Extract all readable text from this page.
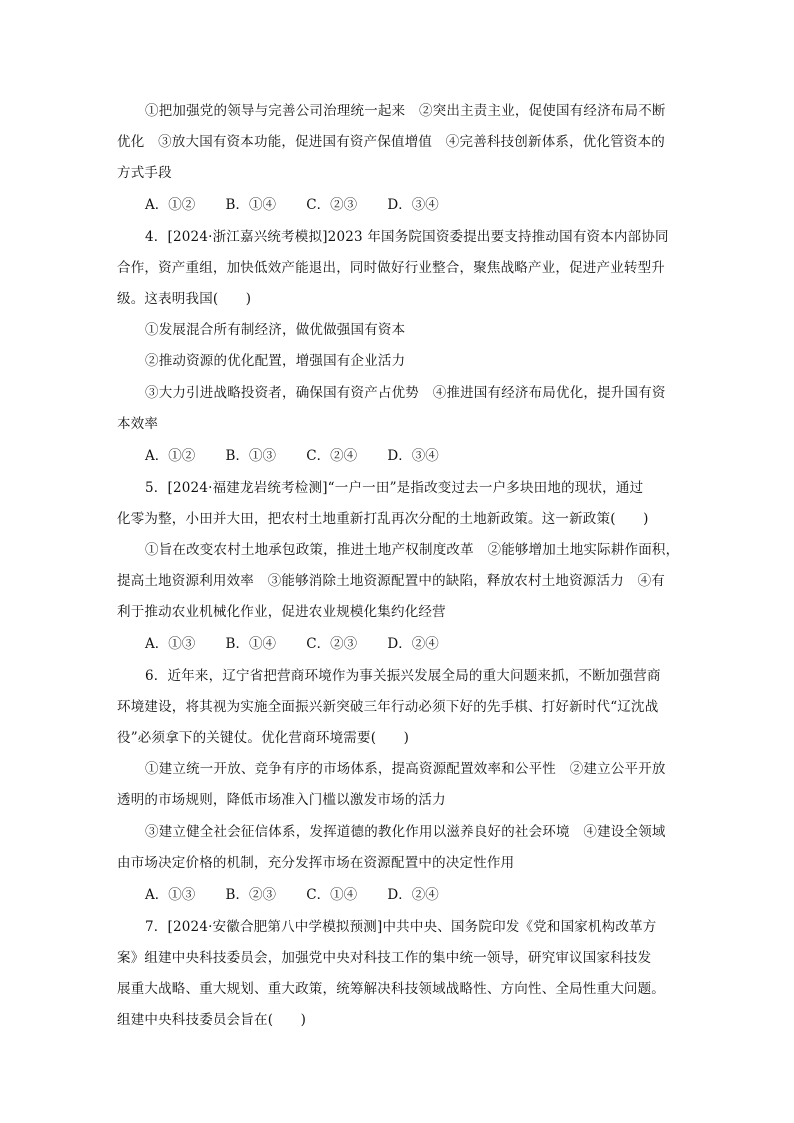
①把加强党的领导与完善公司治理统一起来　②突出主责主业，促使国有经济布局不断
优化　③放大国有资本功能，促进国有资产保值增值　④完善科技创新体系，优化管资本的
方式手段
A．①② B．①④ C．②③ D．③④
4．[2024·浙江嘉兴统考模拟]2023 年国务院国资委提出要支持推动国有资本内部协同
合作，资产重组，加快低效产能退出，同时做好行业整合，聚焦战略产业，促进产业转型升
级。这表明我国(　　)
①发展混合所有制经济，做优做强国有资本
②推动资源的优化配置，增强国有企业活力
③大力引进战略投资者，确保国有资产占优势　④推进国有经济布局优化，提升国有资
本效率
A．①② B．①③ C．②④ D．③④
5．[2024·福建龙岩统考检测]“一户一田”是指改变过去一户多块田地的现状，通过
化零为整，小田并大田，把农村土地重新打乱再次分配的土地新政策。这一新政策(　　)
①旨在改变农村土地承包政策，推进土地产权制度改革　②能够增加土地实际耕作面积，
提高土地资源利用效率　③能够消除土地资源配置中的缺陷，释放农村土地资源活力　④有
利于推动农业机械化作业，促进农业规模化集约化经营
A．①③ B．①④ C．②③ D．②④
6．近年来，辽宁省把营商环境作为事关振兴发展全局的重大问题来抓，不断加强营商
环境建设，将其视为实施全面振兴新突破三年行动必须下好的先手棋、打好新时代“辽沈战
役”必须拿下的关键仗。优化营商环境需要(　　)
①建立统一开放、竞争有序的市场体系，提高资源配置效率和公平性　②建立公平开放
透明的市场规则，降低市场准入门槛以激发市场的活力
③建立健全社会征信体系，发挥道德的教化作用以滋养良好的社会环境　④建设全领域
由市场决定价格的机制，充分发挥市场在资源配置中的决定性作用
A．①③ B．②③ C．①④ D．②④
7．[2024·安徽合肥第八中学模拟预测]中共中央、国务院印发《党和国家机构改革方
案》组建中央科技委员会，加强党中央对科技工作的集中统一领导，研究审议国家科技发
展重大战略、重大规划、重大政策，统筹解决科技领域战略性、方向性、全局性重大问题。
组建中央科技委员会旨在(　　)
